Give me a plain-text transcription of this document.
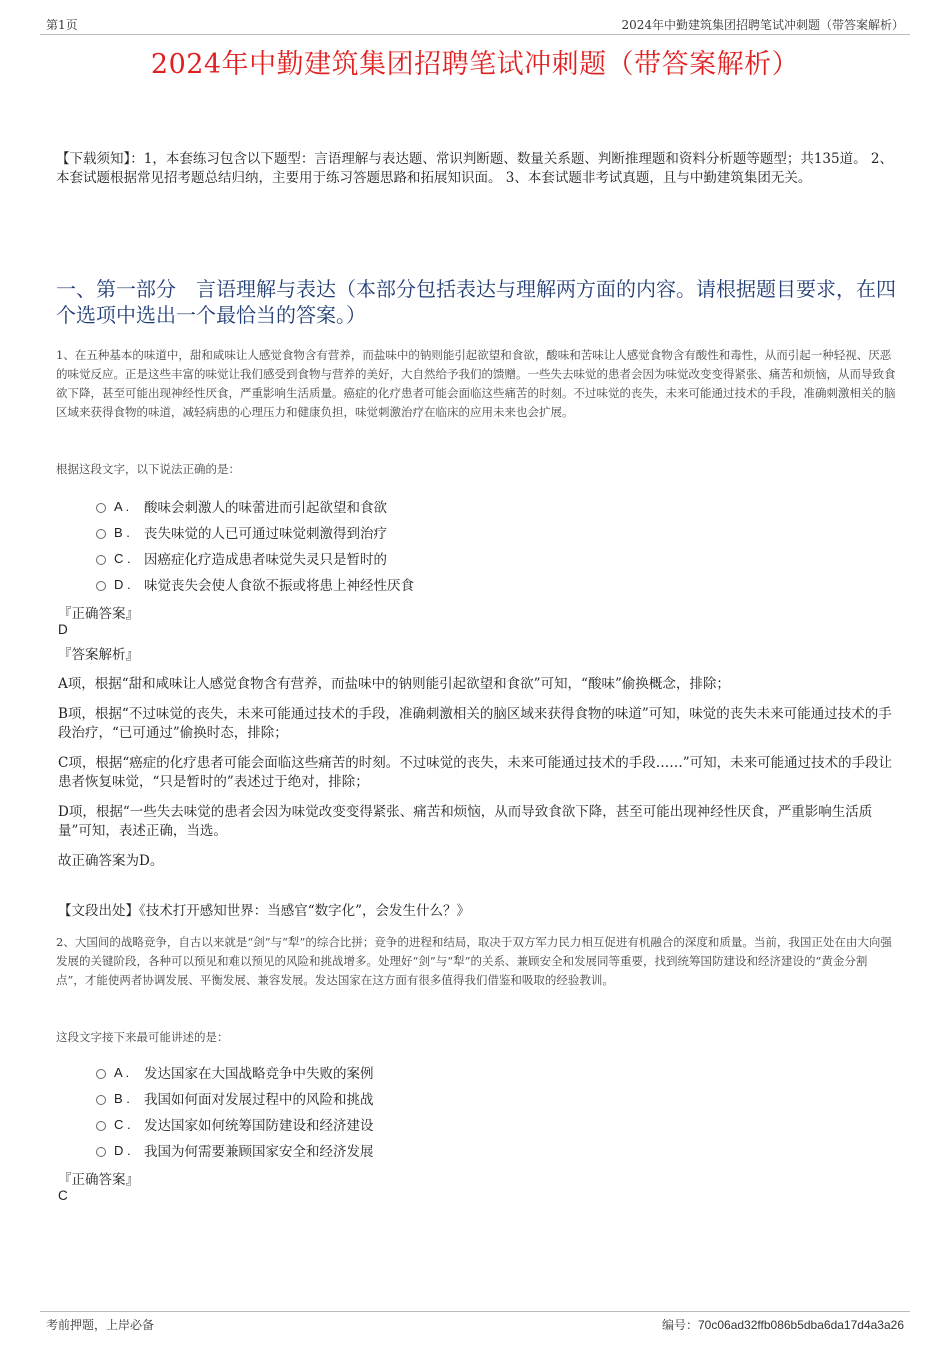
第1页	2024年中勤建筑集团招聘笔试冲刺题（带答案解析）
2024年中勤建筑集团招聘笔试冲刺题（带答案解析）
【下载须知】：1，本套练习包含以下题型：言语理解与表达题、常识判断题、数量关系题、判断推理题和资料分析题等题型；共135道。 2、本套试题根据常见招考题总结归纳，主要用于练习答题思路和拓展知识面。 3、本套试题非考试真题，且与中勤建筑集团无关。
一、第一部分　言语理解与表达（本部分包括表达与理解两方面的内容。请根据题目要求，在四个选项中选出一个最恰当的答案。）
1、在五种基本的味道中，甜和咸味让人感觉食物含有营养，而盐味中的钠则能引起欲望和食欲，酸味和苦味让人感觉食物含有酸性和毒性，从而引起一种轻视、厌恶的味觉反应。正是这些丰富的味觉让我们感受到食物与营养的美好，大自然给予我们的馈赠。一些失去味觉的患者会因为味觉改变变得紧张、痛苦和烦恼，从而导致食欲下降，甚至可能出现神经性厌食，严重影响生活质量。癌症的化疗患者可能会面临这些痛苦的时刻。不过味觉的丧失，未来可能通过技术的手段，准确刺激相关的脑区域来获得食物的味道，减轻病患的心理压力和健康负担，味觉刺激治疗在临床的应用未来也会扩展。
根据这段文字，以下说法正确的是：
A .	酸味会刺激人的味蕾进而引起欲望和食欲
B .	丧失味觉的人已可通过味觉刺激得到治疗
C . 因癌症化疗造成患者味觉失灵只是暂时的
D . 味觉丧失会使人食欲不振或将患上神经性厌食
『正确答案』
D
『答案解析』

A项，根据“甜和咸味让人感觉食物含有营养，而盐味中的钠则能引起欲望和食欲”可知，“酸味”偷换概念，排除；

B项，根据“不过味觉的丧失，未来可能通过技术的手段，准确刺激相关的脑区域来获得食物的味道”可知，味觉的丧失未来可能通过技术的手段治疗，“已可通过”偷换时态，排除；

C项，根据“癌症的化疗患者可能会面临这些痛苦的时刻。不过味觉的丧失，未来可能通过技术的手段……”可知，未来可能通过技术的手段让患者恢复味觉，“只是暂时的”表述过于绝对，排除；

D项，根据“一些失去味觉的患者会因为味觉改变变得紧张、痛苦和烦恼，从而导致食欲下降，甚至可能出现神经性厌食，严重影响生活质量”可知，表述正确，当选。

故正确答案为D。

【文段出处】《技术打开感知世界：当感官“数字化”，会发生什么？》
2、大国间的战略竞争，自古以来就是“剑”与“犁”的综合比拼；竞争的进程和结局，取决于双方军力民力相互促进有机融合的深度和质量。当前，我国正处在由大向强发展的关键阶段，各种可以预见和难以预见的风险和挑战增多。处理好“剑”与“犁”的关系、兼顾安全和发展同等重要，找到统筹国防建设和经济建设的“黄金分割点”，才能使两者协调发展、平衡发展、兼容发展。发达国家在这方面有很多值得我们借鉴和吸取的经验教训。
这段文字接下来最可能讲述的是：
A .	发达国家在大国战略竞争中失败的案例
B .	我国如何面对发展过程中的风险和挑战
C . 发达国家如何统筹国防建设和经济建设
D . 我国为何需要兼顾国家安全和经济发展
『正确答案』
C
考前押题，上岸必备	编号：70c06ad32ffb086b5dba6da17d4a3a26
